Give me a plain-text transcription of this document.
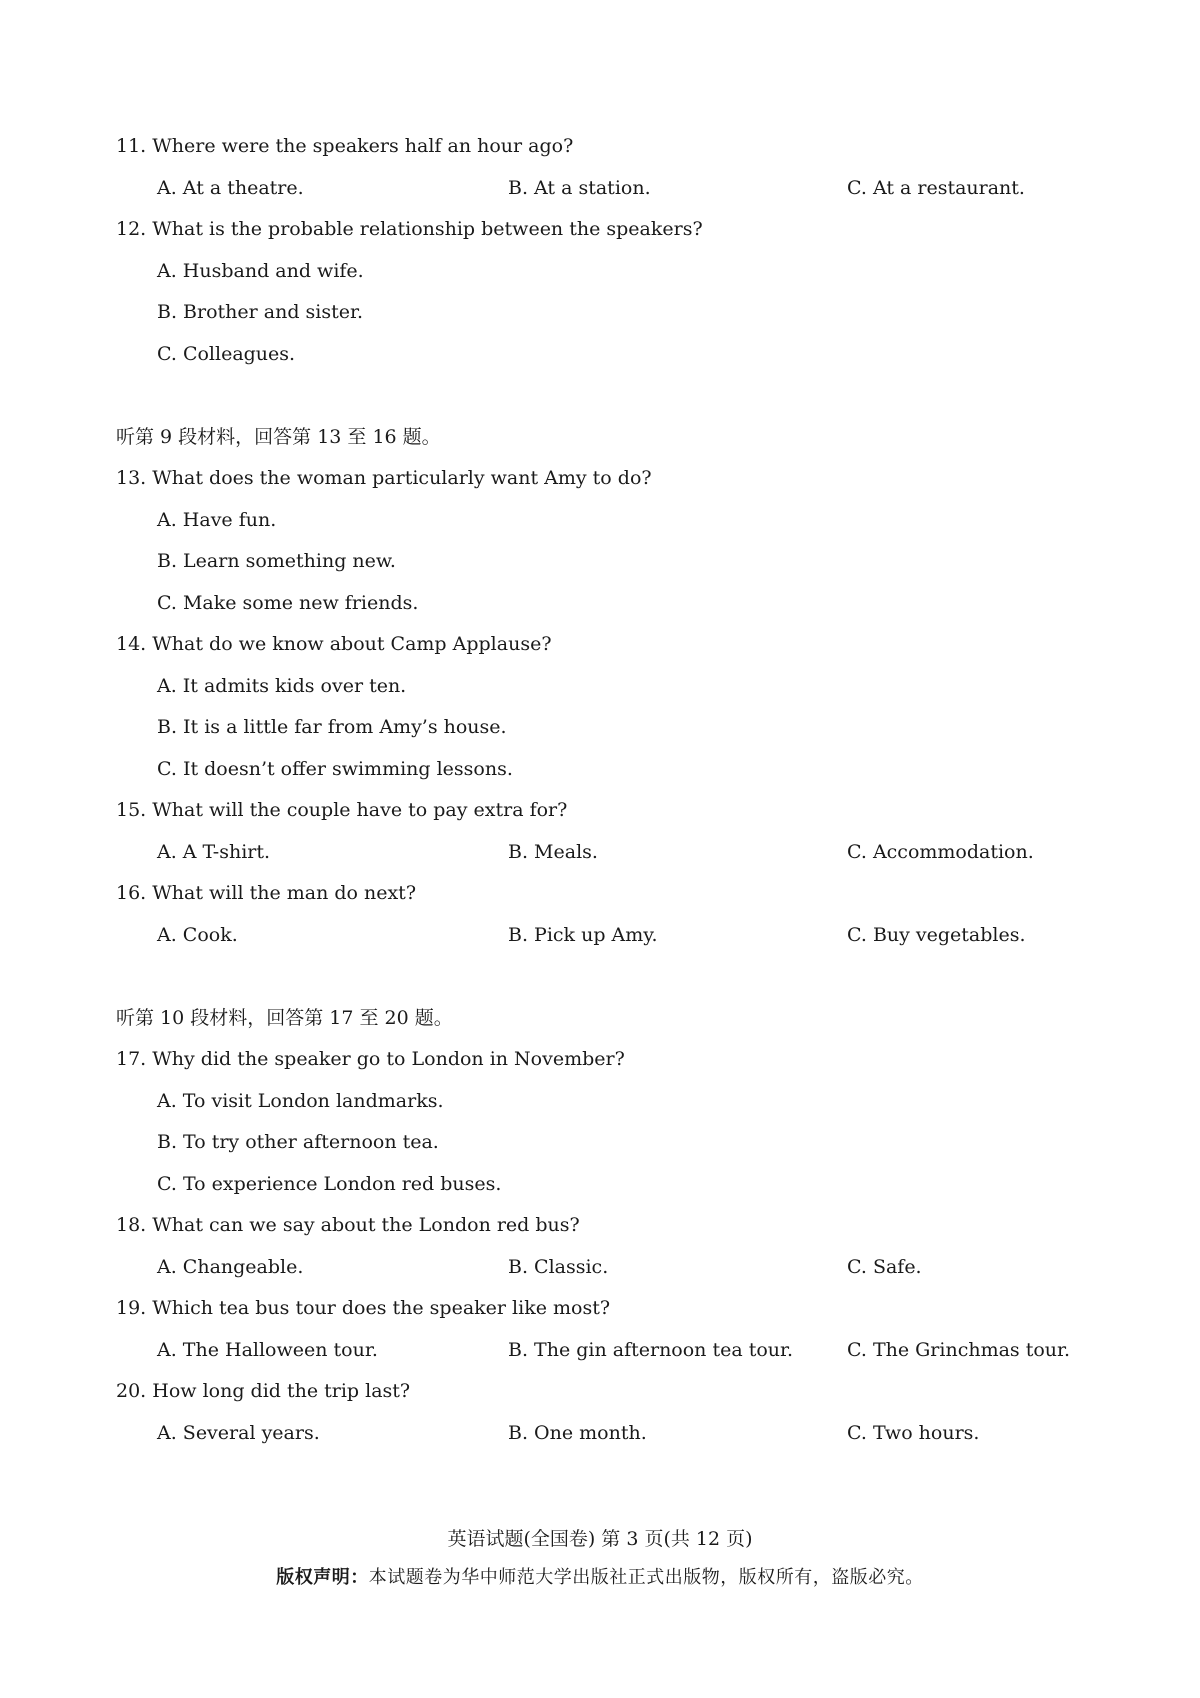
11. Where were the speakers half an hour ago?
A. At a theatre.	B. At a station.	C. At a restaurant.
12. What is the probable relationship between the speakers?
A. Husband and wife.
B. Brother and sister.
C. Colleagues.
听第 9 段材料，回答第 13 至 16 题。
13. What does the woman particularly want Amy to do?
A. Have fun.
B. Learn something new.
C. Make some new friends.
14. What do we know about Camp Applause?
A. It admits kids over ten.
B. It is a little far from Amy’s house.
C. It doesn’t offer swimming lessons.
15. What will the couple have to pay extra for?
A. A T-shirt.	B. Meals.	C. Accommodation.
16. What will the man do next?
A. Cook.	B. Pick up Amy.	C. Buy vegetables.
听第 10 段材料，回答第 17 至 20 题。
17. Why did the speaker go to London in November?
A. To visit London landmarks.
B. To try other afternoon tea.
C. To experience London red buses.
18. What can we say about the London red bus?
A. Changeable.	B. Classic.	C. Safe.
19. Which tea bus tour does the speaker like most?
A. The Halloween tour.	B. The gin afternoon tea tour.	C. The Grinchmas tour.
20. How long did the trip last?
A. Several years.	B. One month.	C. Two hours.
英语试题(全国卷) 第 3 页(共 12 页)
版权声明：本试题卷为华中师范大学出版社正式出版物，版权所有，盗版必究。
